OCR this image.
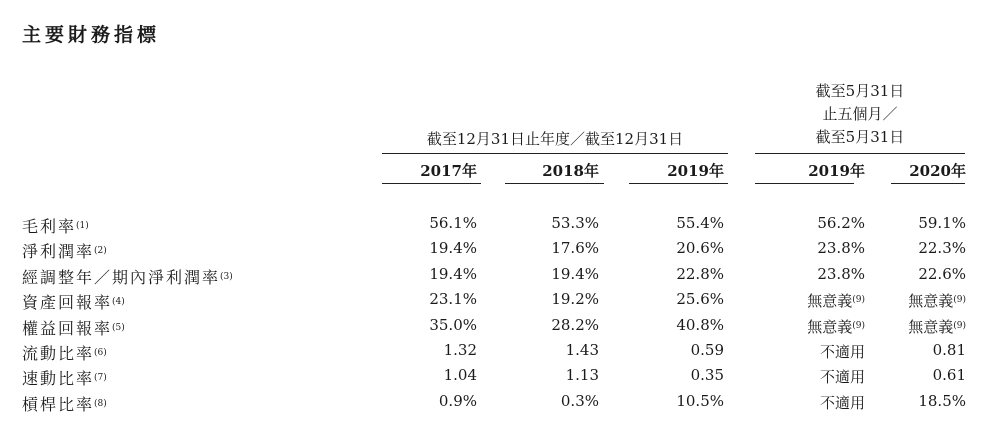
主要財務指標
截至12月31日止年度／截至12月31日
截至5月31日
止五個月／
截至5月31日
2017年	2018年	2019年	2019年	2020年
毛利率$^{(1)}$	56.1%	53.3%	55.4%	56.2%	59.1%
淨利潤率$^{(2)}$	19.4%	17.6%	20.6%	23.8%	22.3%
經調整年／期內淨利潤率$^{(3)}$	19.4%	19.4%	22.8%	23.8%	22.6%
資產回報率$^{(4)}$	23.1%	19.2%	25.6%	無意義$^{(9)}$	無意義$^{(9)}$
權益回報率$^{(5)}$	35.0%	28.2%	40.8%	無意義$^{(9)}$	無意義$^{(9)}$
流動比率$^{(6)}$	1.32	1.43	0.59	不適用	0.81
速動比率$^{(7)}$	1.04	1.13	0.35	不適用	0.61
槓桿比率$^{(8)}$	0.9%	0.3%	10.5%	不適用	18.5%
